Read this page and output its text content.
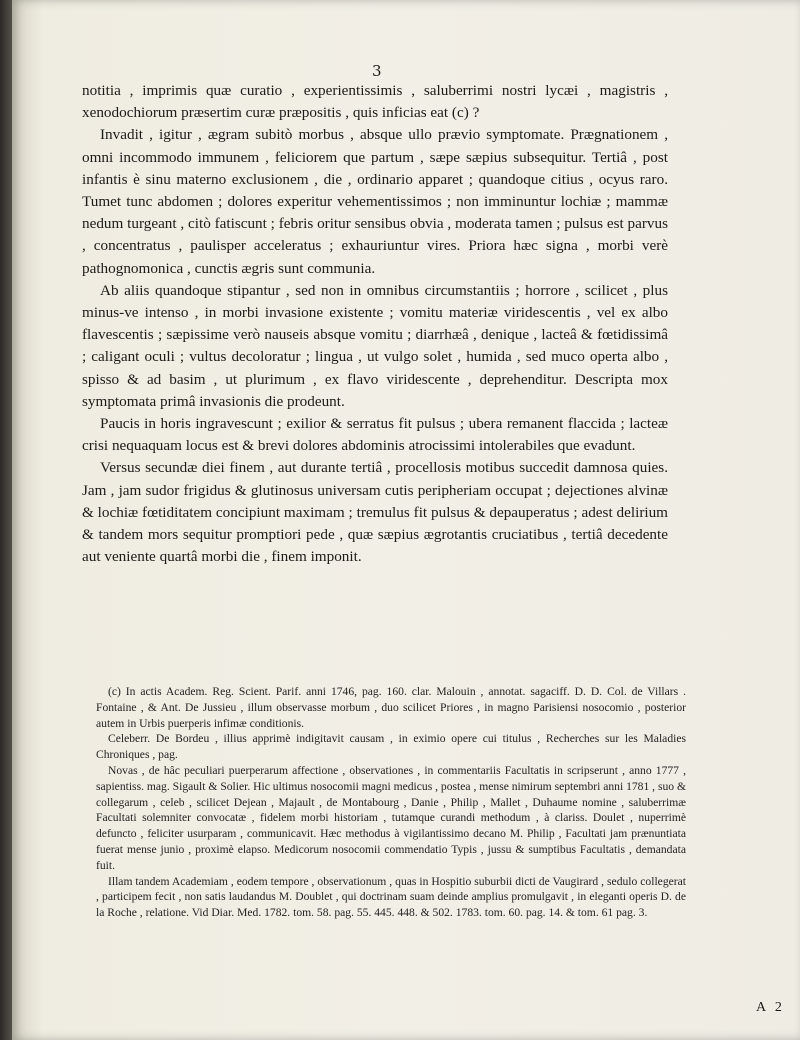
3

notitia , imprimis quæ curatio , experientissimis , saluberrimi nostri lycæi , magistris , xenodochiorum præsertim curæ præpositis , quis inficias eat (c) ?

Invadit , igitur , ægram subitò morbus , absque ullo prævio symptomate. Prægnationem , omni incommodo immunem , feliciorem que partum , sæpe sæpius subsequitur. Tertiâ , post infantis è sinu materno exclusionem , die , ordinario apparet ; quandoque citius , ocyus raro. Tumet tunc abdomen ; dolores experitur vehementissimos ; non imminuntur lochiæ ; mammæ nedum turgeant , citò fatiscunt ; febris oritur sensibus obvia , moderata tamen ; pulsus est parvus , concentratus , paulisper acceleratus ; exhauriuntur vires. Priora hæc signa , morbi verè pathognomonica , cunctis ægris sunt communia.

Ab aliis quandoque stipantur , sed non in omnibus circumstantiis ; horrore , scilicet , plus minus-ve intenso , in morbi invasione existente ; vomitu materiæ viridescentis , vel ex albo flavescentis ; sæpissime verò nauseis absque vomitu ; diarrhæâ , denique , lacteâ & fœtidissimâ ; caligant oculi ; vultus decoloratur ; lingua , ut vulgo solet , humida , sed muco operta albo , spisso & ad basim , ut plurimum , ex flavo viridescente , deprehenditur. Descripta mox symptomata primâ invasionis die prodeunt.

Paucis in horis ingravescunt ; exilior & serratus fit pulsus ; ubera remanent flaccida ; lacteæ crisi nequaquam locus est & brevi dolores abdominis atrocissimi intolerabiles que evadunt.

Versus secundæ diei finem , aut durante tertiâ , procellosis motibus succedit damnosa quies. Jam , jam sudor frigidus & glutinosus universam cutis peripheriam occupat ; dejectiones alvinæ & lochiæ fœtiditatem concipiunt maximam ; tremulus fit pulsus & depauperatus ; adest delirium & tandem mors sequitur promptiori pede , quæ sæpius ægrotantis cruciatibus , tertiâ decedente aut veniente quartâ morbi die , finem imponit.

(c) In actis Academ. Reg. Scient. Parif. anni 1746, pag. 160. clar. Malouin , annotat. sagaciff. D. D. Col. de Villars . Fontaine , & Ant. De Jussieu , illum observasse morbum , duo scilicet Priores , in magno Parisiensi nosocomio , posterior autem in Urbis puerperis infimæ conditionis.

Celeberr. De Bordeu , illius apprimè indigitavit causam , in eximio opere cui titulus , Recherches sur les Maladies Chroniques , pag.

Novas , de hâc peculiari puerperarum affectione , observationes , in commentariis Facultatis in scripserunt , anno 1777 , sapientiss. mag. Sigault & Solier. Hic ultimus nosocomii magni medicus , postea , mense nimirum septembri anni 1781 , suo & collegarum , celeb , scilicet Dejean , Majault , de Montabourg , Danie , Philip , Mallet , Duhaume nomine , saluberrimæ Facultati solemniter convocatæ , fidelem morbi historiam , tutamque curandi methodum , à clariss. Doulet , nuperrimè defuncto , feliciter usurparam , communicavit. Hæc methodus à vigilantissimo decano M. Philip , Facultati jam prænuntiata fuerat mense junio , proximè elapso. Medicorum nosocomii commendatio Typis , jussu & sumptibus Facultatis , demandata fuit.

Illam tandem Academiam , eodem tempore , observationum , quas in Hospitio suburbii dicti de Vaugirard , sedulo collegerat , participem fecit , non satis laudandus M. Doublet , qui doctrinam suam deinde amplius promulgavit , in eleganti operis D. de la Roche , relatione. Vid Diar. Med. 1782. tom. 58. pag. 55. 445. 448. & 502. 1783. tom. 60. pag. 14. & tom. 61 pag. 3.

A 2
